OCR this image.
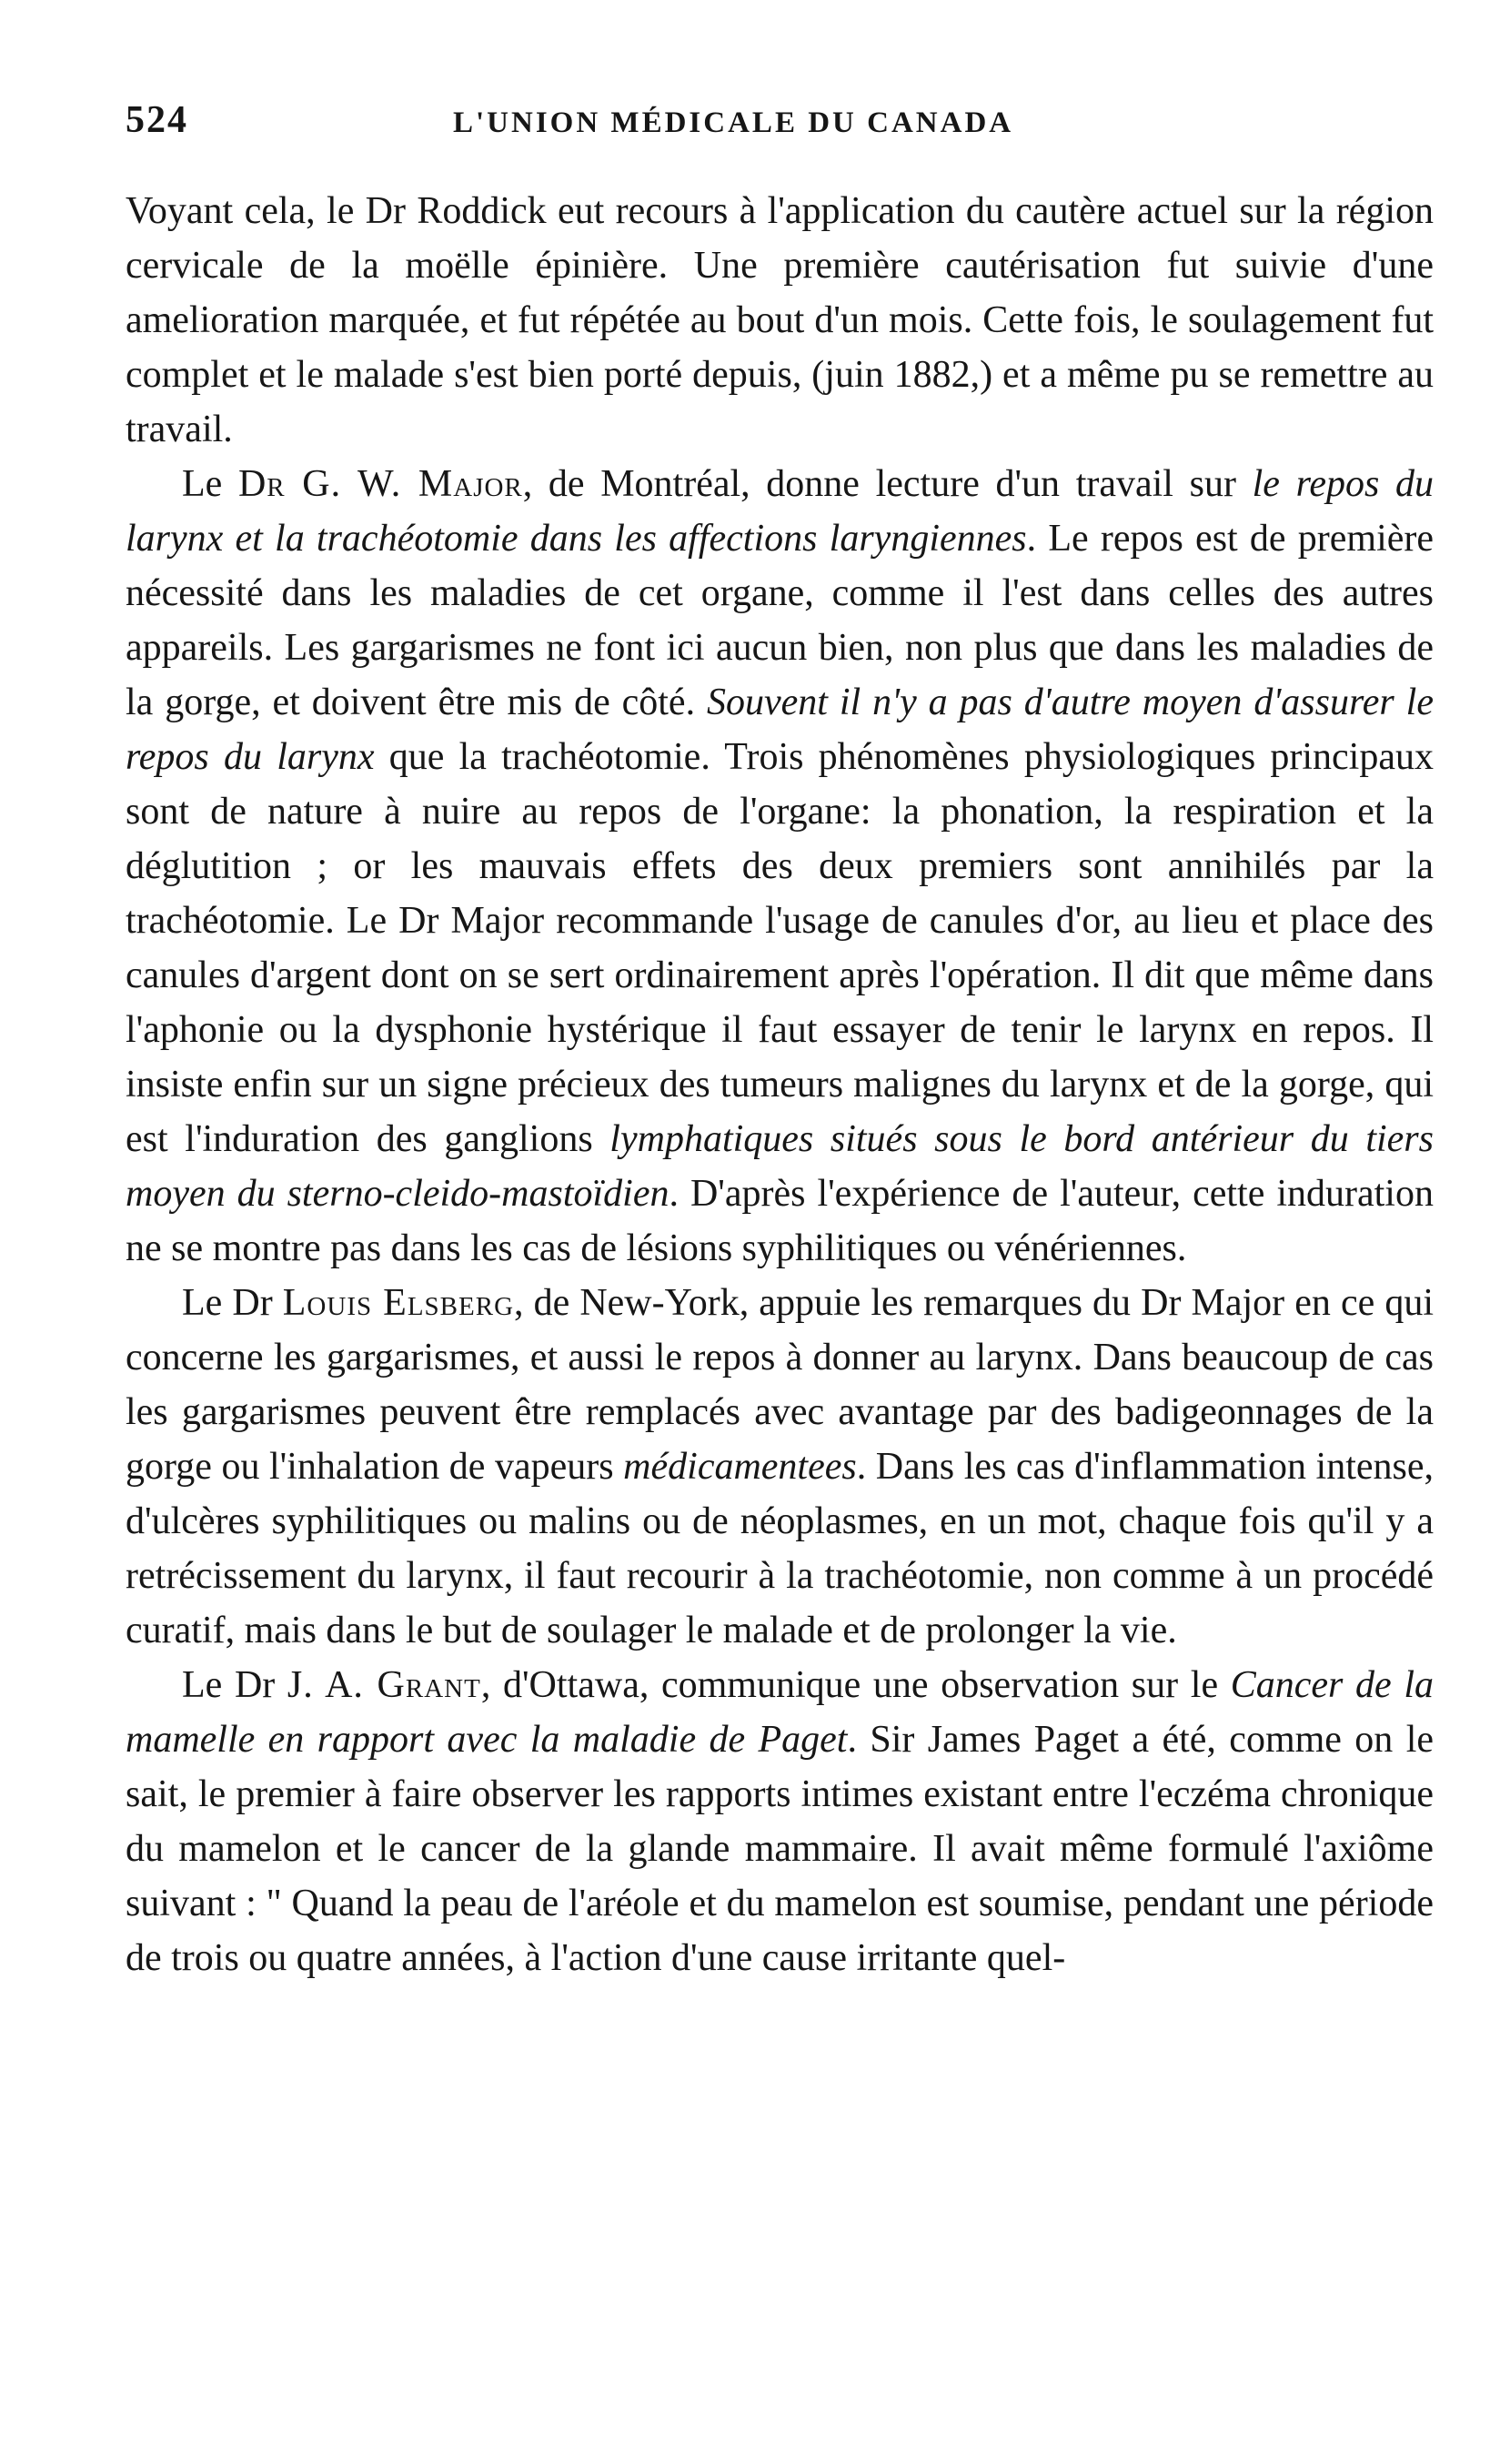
524	L'UNION MÉDICALE DU CANADA

Voyant cela, le Dr Roddick eut recours à l'application du cautère actuel sur la région cervicale de la moëlle épinière. Une première cautérisation fut suivie d'une amelioration marquée, et fut répétée au bout d'un mois. Cette fois, le soulagement fut complet et le malade s'est bien porté depuis, (juin 1882,) et a même pu se remettre au travail.

Le Dr G. W. Major, de Montréal, donne lecture d'un travail sur le repos du larynx et la trachéotomie dans les affections laryngiennes. Le repos est de première nécessité dans les maladies de cet organe, comme il l'est dans celles des autres appareils. Les gargarismes ne font ici aucun bien, non plus que dans les maladies de la gorge, et doivent être mis de côté. Souvent il n'y a pas d'autre moyen d'assurer le repos du larynx que la trachéotomie. Trois phénomènes physiologiques principaux sont de nature à nuire au repos de l'organe: la phonation, la respiration et la déglutition ; or les mauvais effets des deux premiers sont annihilés par la trachéotomie. Le Dr Major recommande l'usage de canules d'or, au lieu et place des canules d'argent dont on se sert ordinairement après l'opération. Il dit que même dans l'aphonie ou la dysphonie hystérique il faut essayer de tenir le larynx en repos. Il insiste enfin sur un signe précieux des tumeurs malignes du larynx et de la gorge, qui est l'induration des ganglions lymphatiques situés sous le bord antérieur du tiers moyen du sterno-cleido-mastoïdien. D'après l'expérience de l'auteur, cette induration ne se montre pas dans les cas de lésions syphilitiques ou vénériennes.

Le Dr Louis Elsberg, de New-York, appuie les remarques du Dr Major en ce qui concerne les gargarismes, et aussi le repos à donner au larynx. Dans beaucoup de cas les gargarismes peuvent être remplacés avec avantage par des badigeonnages de la gorge ou l'inhalation de vapeurs médicamentees. Dans les cas d'inflammation intense, d'ulcères syphilitiques ou malins ou de néoplasmes, en un mot, chaque fois qu'il y a retrécissement du larynx, il faut recourir à la trachéotomie, non comme à un procédé curatif, mais dans le but de soulager le malade et de prolonger la vie.

Le Dr J. A. Grant, d'Ottawa, communique une observation sur le Cancer de la mamelle en rapport avec la maladie de Paget. Sir James Paget a été, comme on le sait, le premier à faire observer les rapports intimes existant entre l'eczéma chronique du mamelon et le cancer de la glande mammaire. Il avait même formulé l'axiôme suivant : " Quand la peau de l'aréole et du mamelon est soumise, pendant une période de trois ou quatre années, à l'action d'une cause irritante quel-
